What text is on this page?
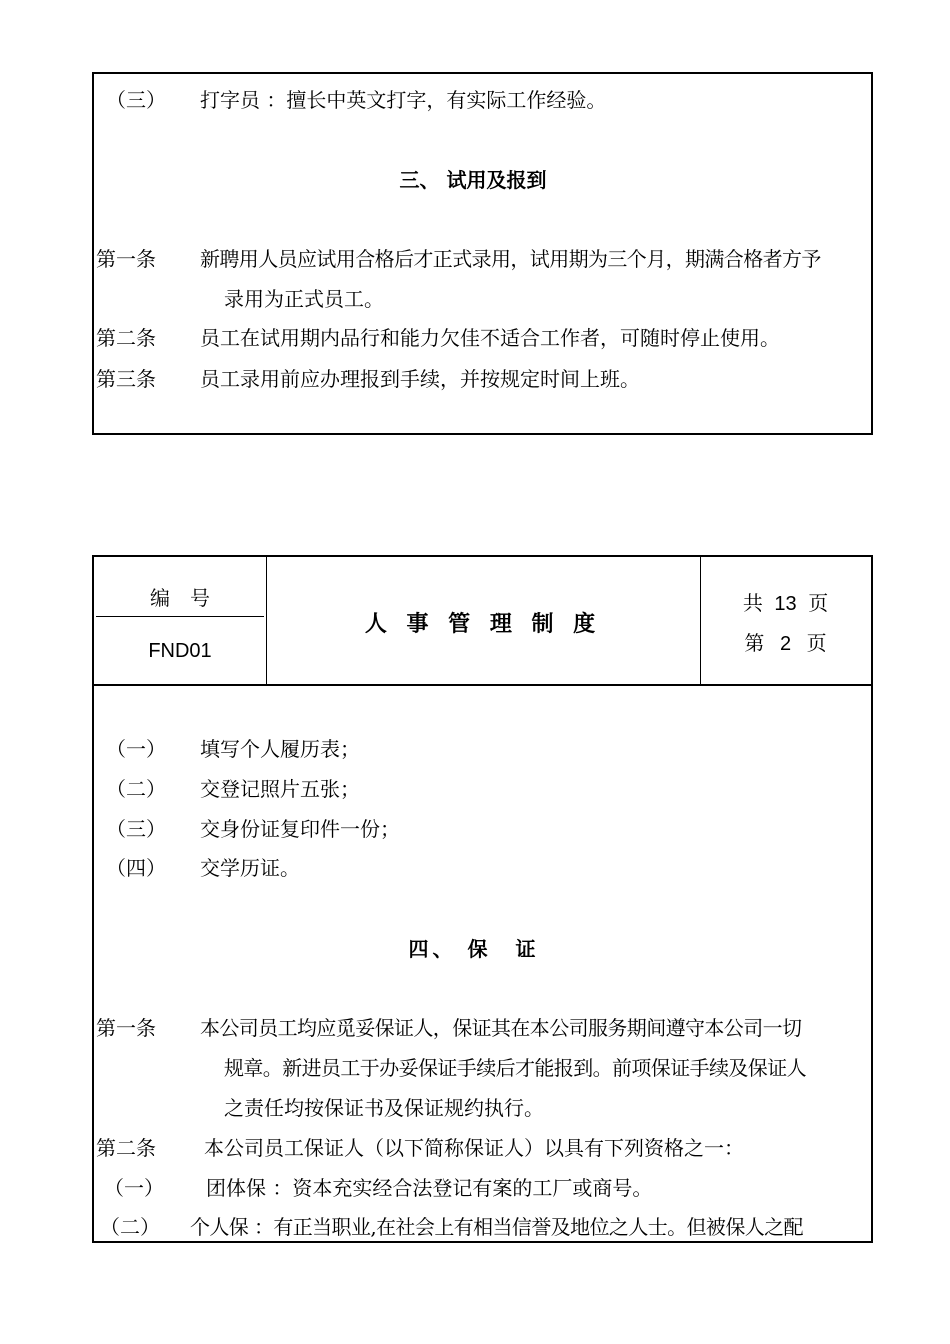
（三） 打字员 ：擅长中英文打字，有实际工作经验。
三、 试用及报到
第一条 新聘用人员应试用合格后才正式录用，试用期为三个月，期满合格者方予
录用为正式员工。
第二条 员工在试用期内品行和能力欠佳不适合工作者，可随时停止使用。
第三条 员工录用前应办理报到手续，并按规定时间上班。
编　号
FND01
人 事 管 理 制 度
共 13 页
第 2 页
（一） 填写个人履历表；
（二） 交登记照片五张；
（三） 交身份证复印件一份；
（四） 交学历证。
四、 保　证
第一条 本公司员工均应觅妥保证人，保证其在本公司服务期间遵守本公司一切
规章。新进员工于办妥保证手续后才能报到。前项保证手续及保证人
之责任均按保证书及保证规约执行。
第二条 本公司员工保证人（以下简称保证人）以具有下列资格之一：
（一） 团体保 ：资本充实经合法登记有案的工厂或商号。
（二） 个人保 ：有正当职业,在社会上有相当信誉及地位之人士。但被保人之配
